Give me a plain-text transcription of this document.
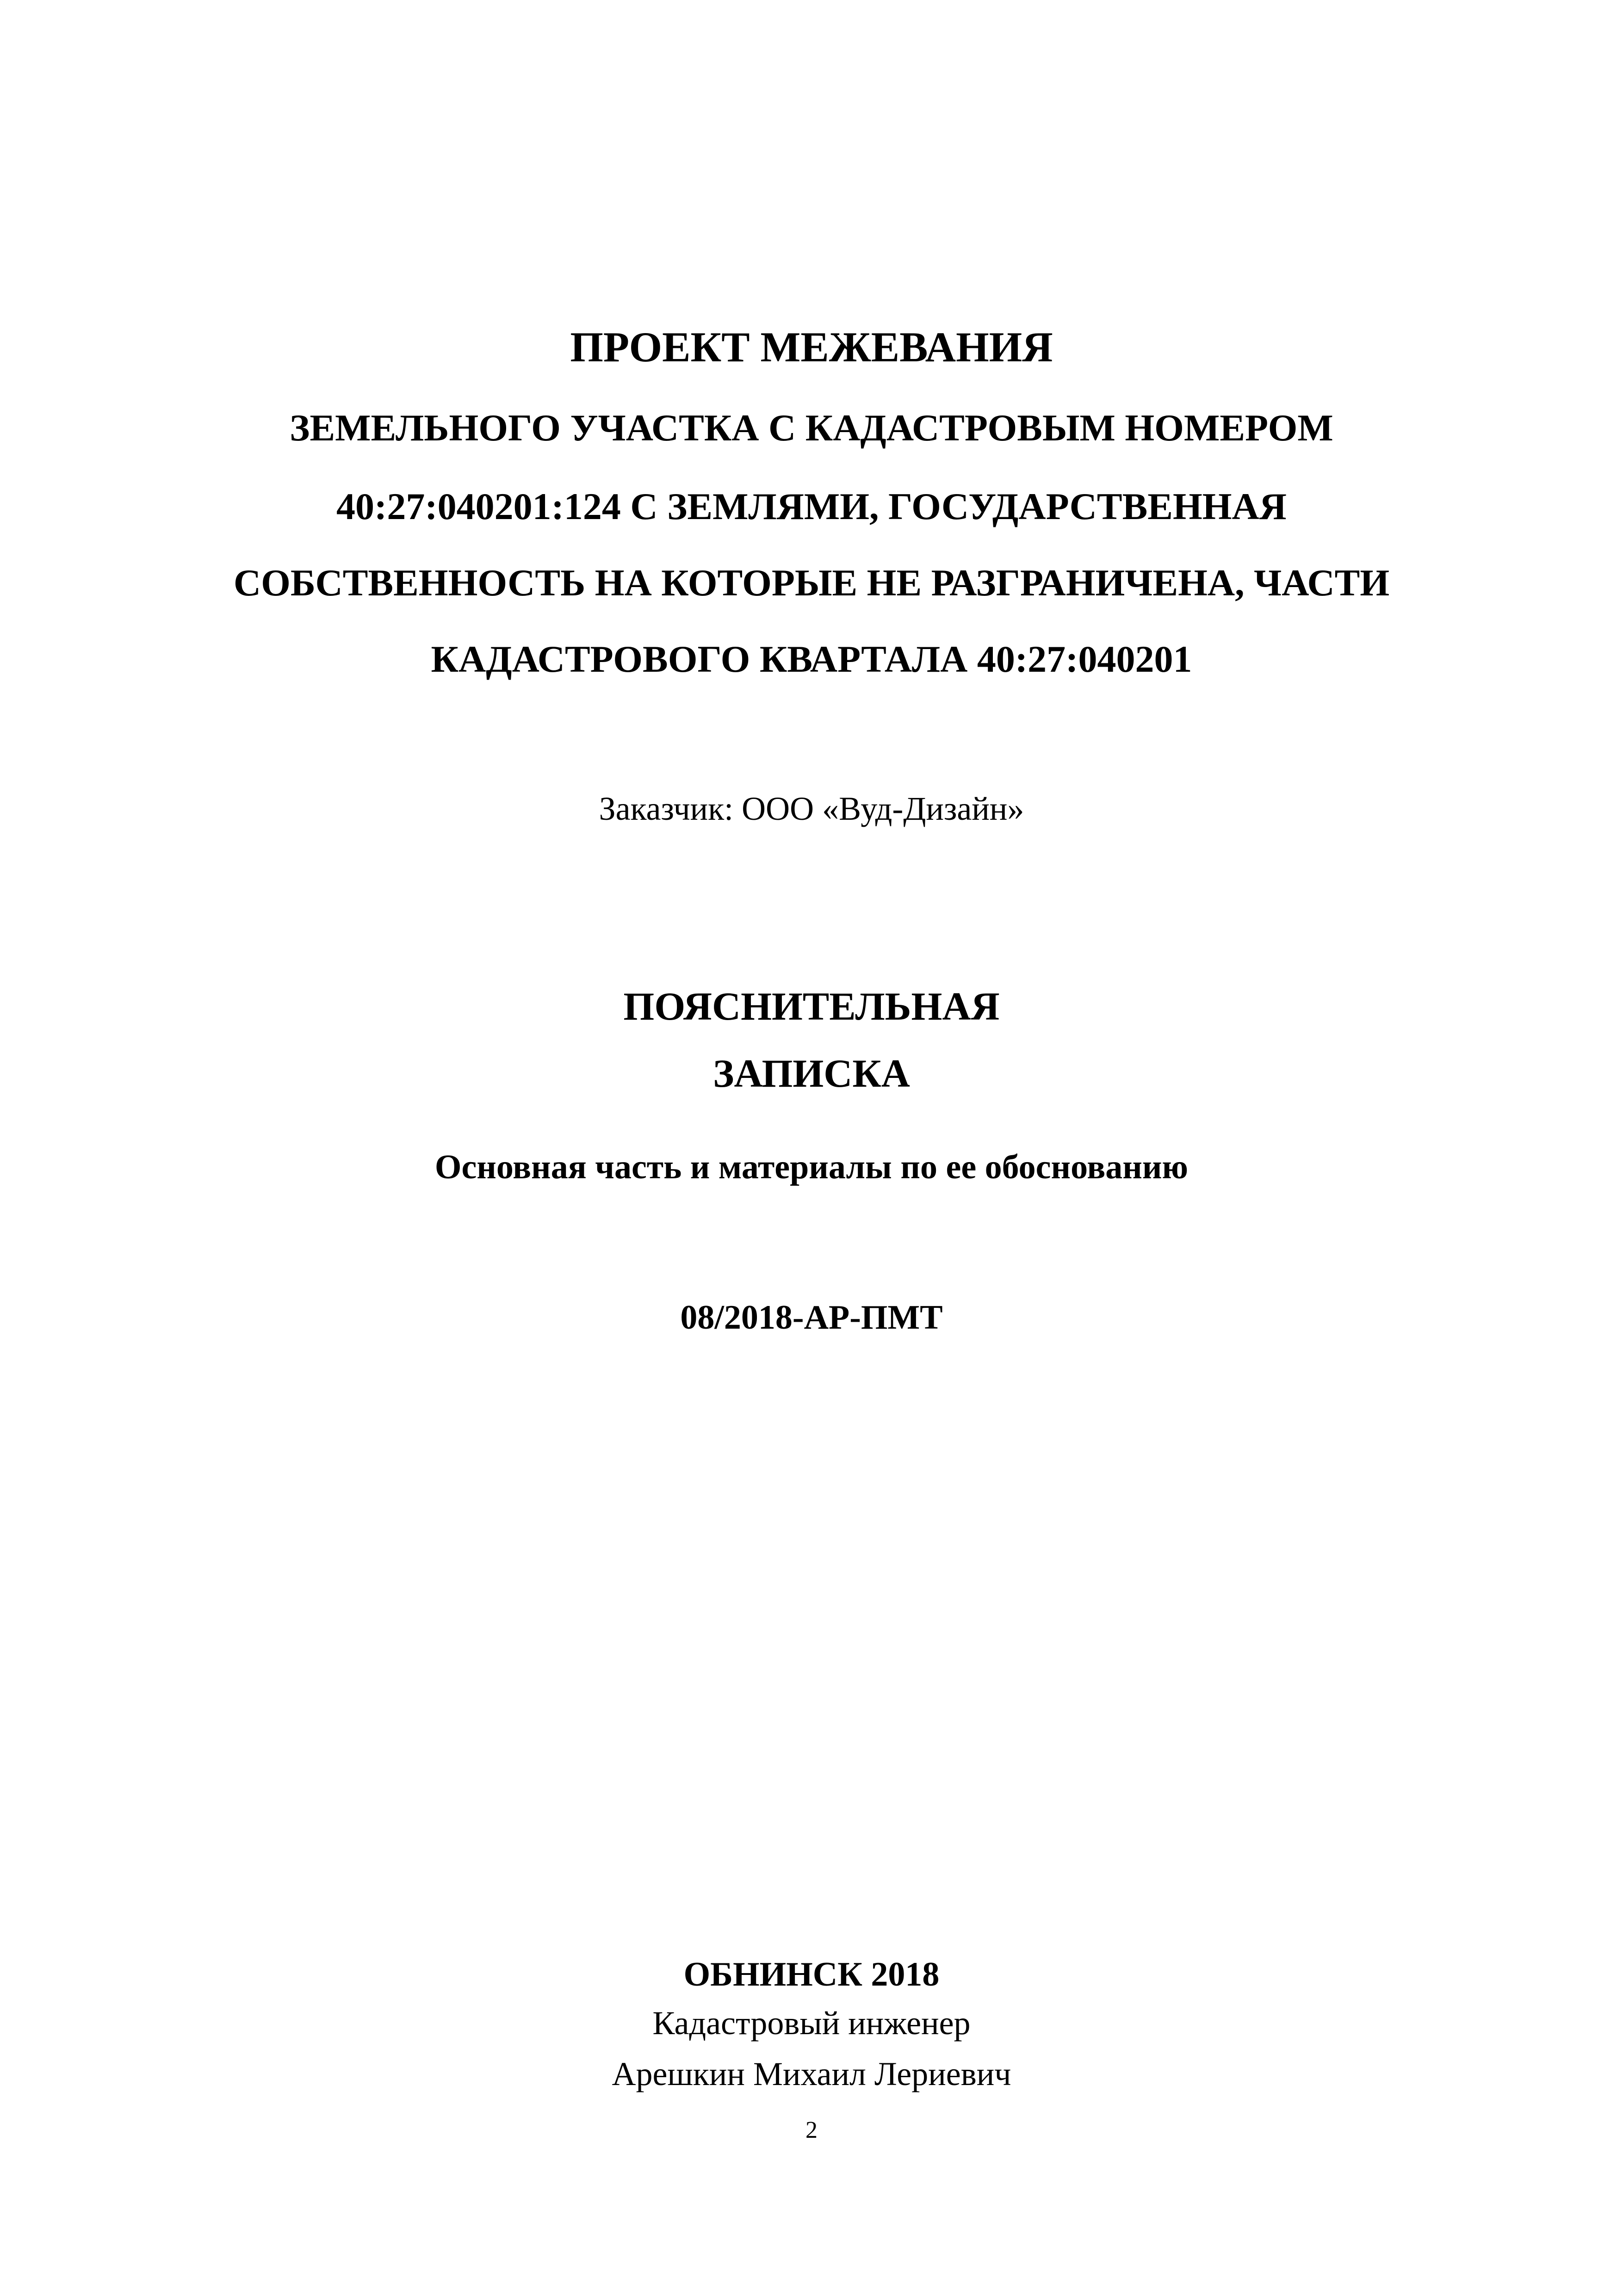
ПРОЕКТ МЕЖЕВАНИЯ
ЗЕМЕЛЬНОГО УЧАСТКА С КАДАСТРОВЫМ НОМЕРОМ
40:27:040201:124 С ЗЕМЛЯМИ, ГОСУДАРСТВЕННАЯ
СОБСТВЕННОСТЬ НА КОТОРЫЕ НЕ РАЗГРАНИЧЕНА, ЧАСТИ
КАДАСТРОВОГО КВАРТАЛА 40:27:040201
Заказчик: ООО «Вуд-Дизайн»
ПОЯСНИТЕЛЬНАЯ
ЗАПИСКА
Основная часть и материалы по ее обоснованию
08/2018-АР-ПМТ
ОБНИНСК 2018
Кадастровый инженер
Арешкин Михаил Лериевич
2
